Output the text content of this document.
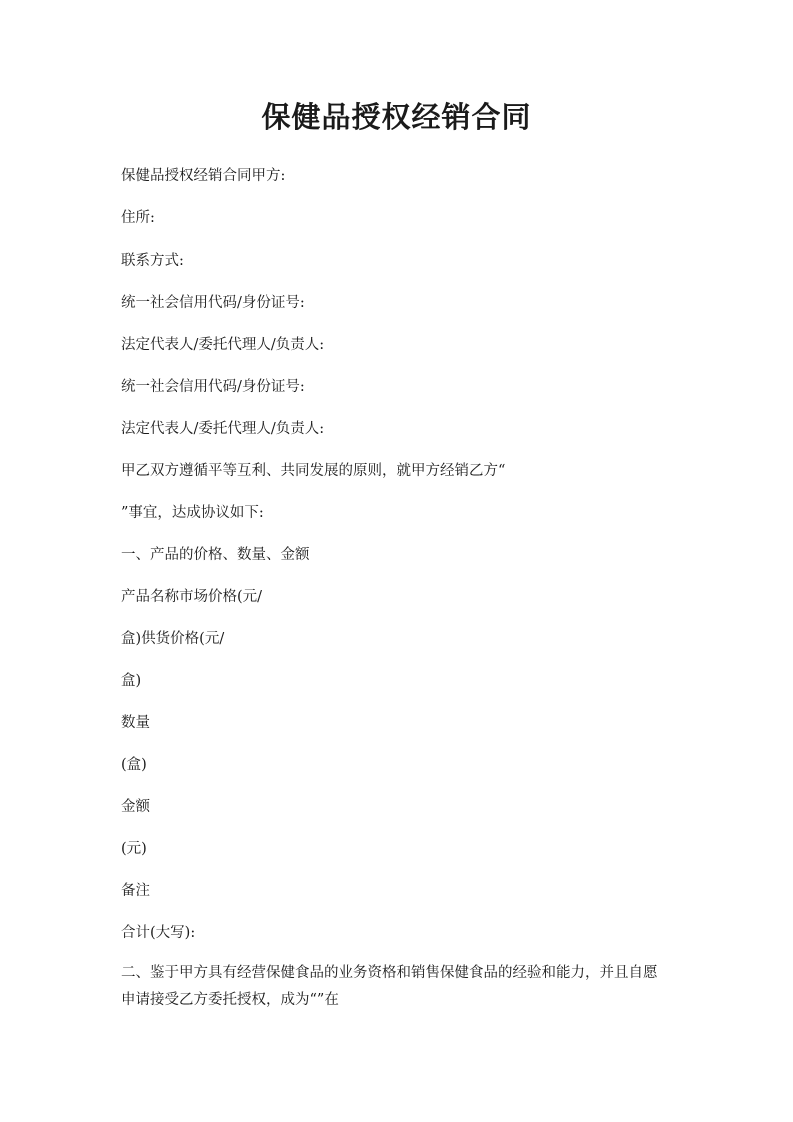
保健品授权经销合同

保健品授权经销合同甲方:

住所:

联系方式:

统一社会信用代码/身份证号:

法定代表人/委托代理人/负责人:

统一社会信用代码/身份证号:

法定代表人/委托代理人/负责人:

甲乙双方遵循平等互利、共同发展的原则，就甲方经销乙方“

”事宜，达成协议如下:

一、产品的价格、数量、金额

产品名称市场价格(元/

盒)供货价格(元/

盒)

数量

(盒)

金额

(元)

备注

合计(大写):

二、鉴于甲方具有经营保健食品的业务资格和销售保健食品的经验和能力，并且自愿
申请接受乙方委托授权，成为“”在
